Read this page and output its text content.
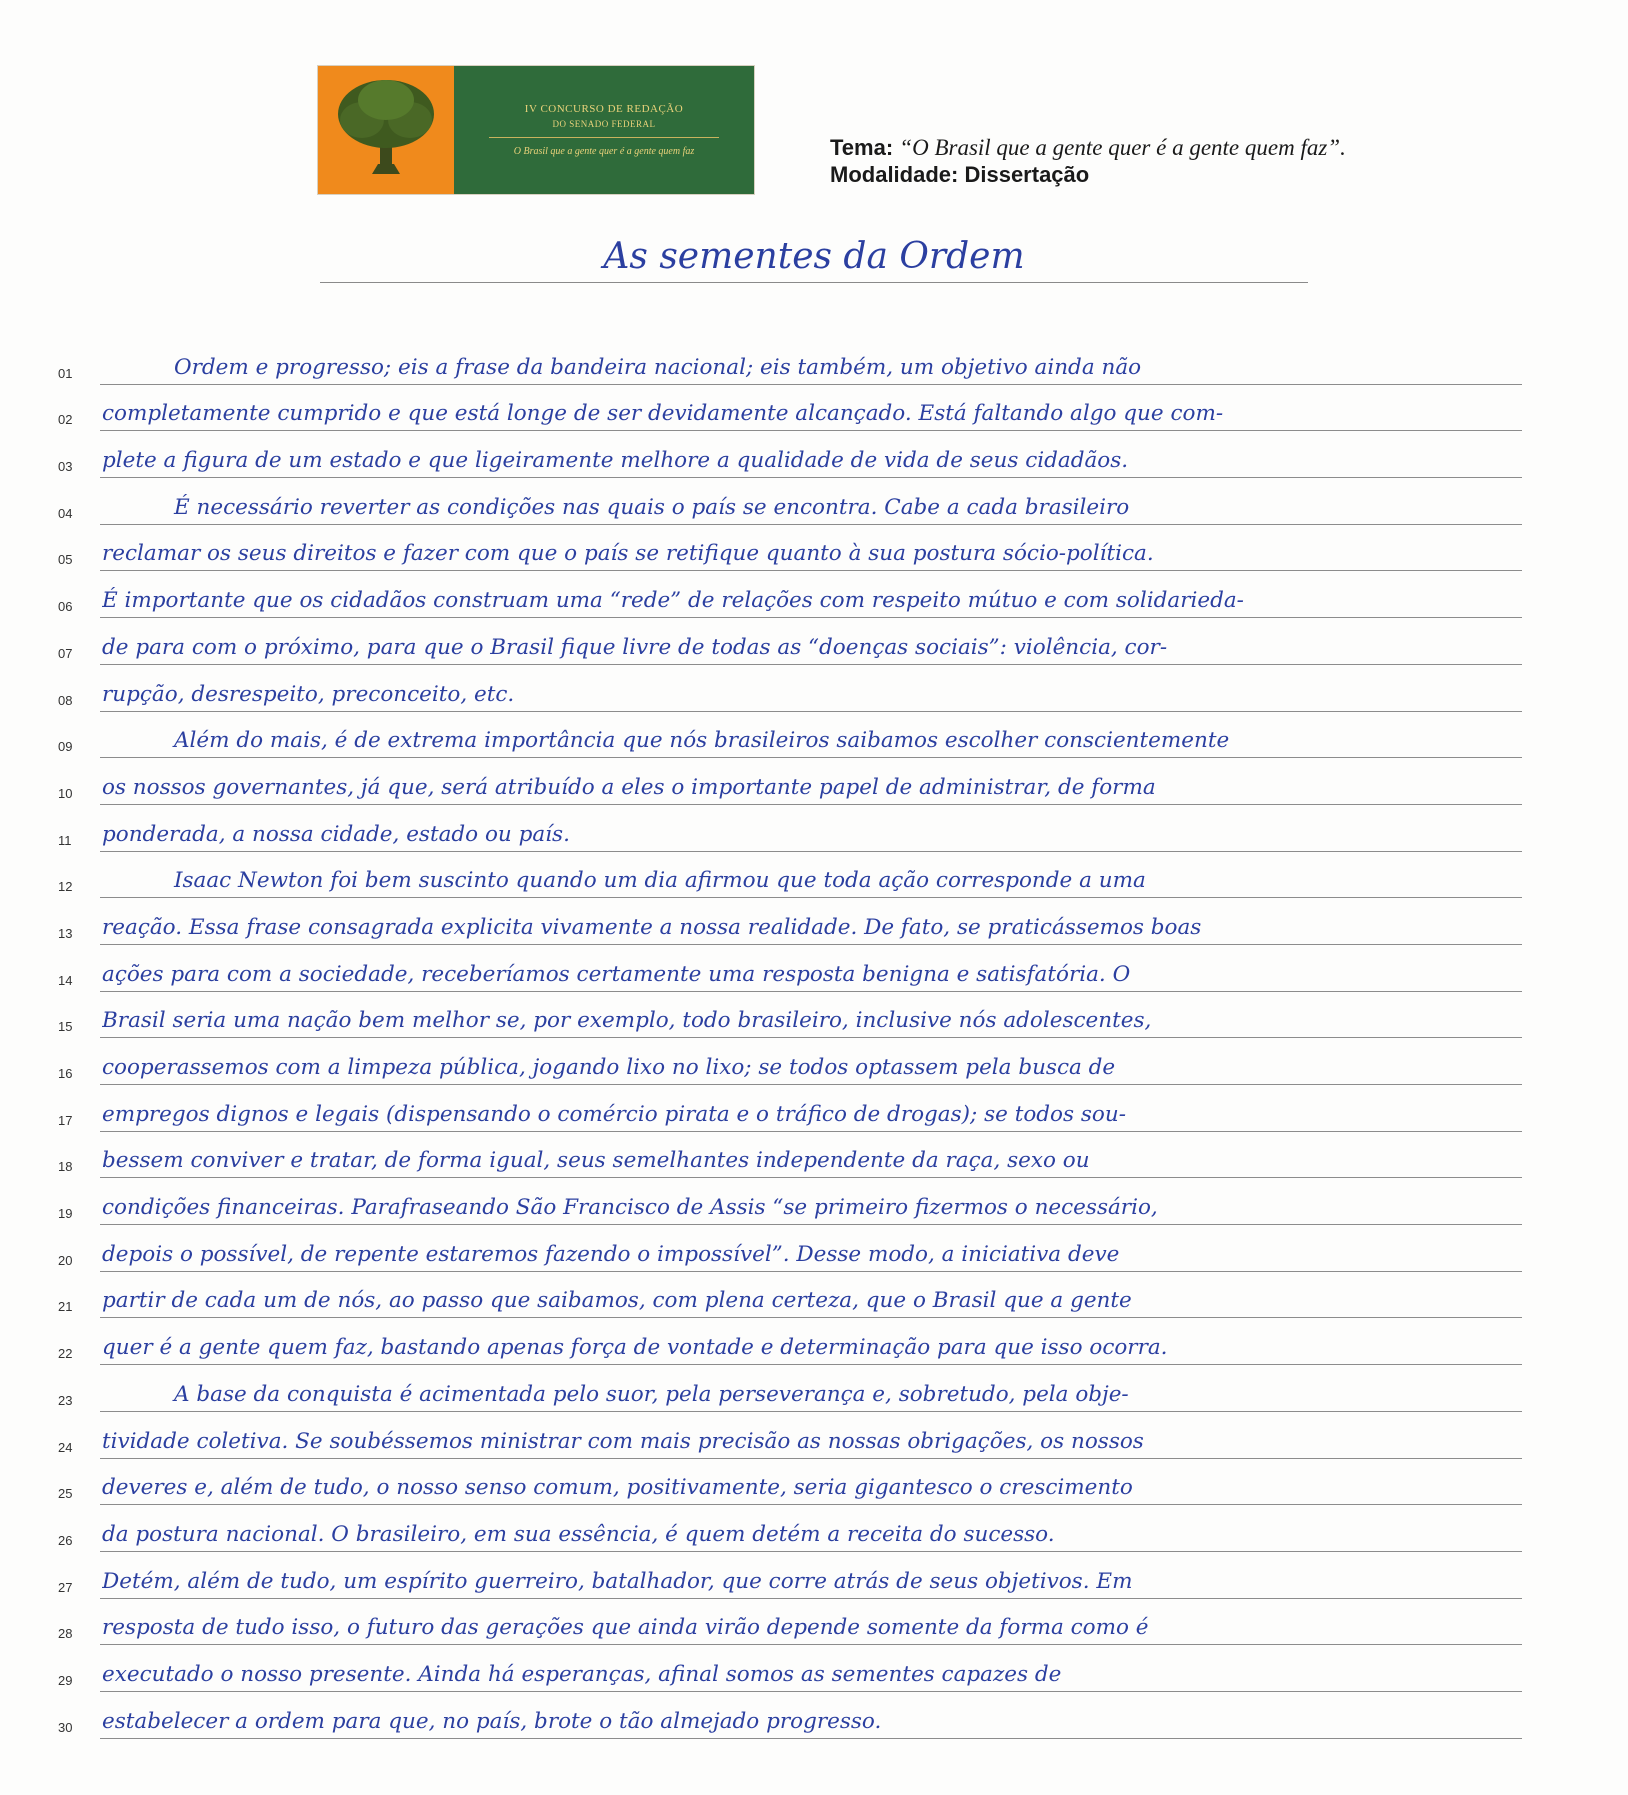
IV CONCURSO DE REDAÇÃO
DO SENADO FEDERAL
O Brasil que a gente quer é a gente quem faz	Tema: “O Brasil que a gente quer é a gente quem faz”.
Modalidade: Dissertação
As sementes da Ordem
01	Ordem e progresso; eis a frase da bandeira nacional; eis também, um objetivo ainda não
02	completamente cumprido e que está longe de ser devidamente alcançado. Está faltando algo que com-
03	plete a figura de um estado e que ligeiramente melhore a qualidade de vida de seus cidadãos.
04	É necessário reverter as condições nas quais o país se encontra. Cabe a cada brasileiro
05	reclamar os seus direitos e fazer com que o país se retifique quanto à sua postura sócio-política.
06	É importante que os cidadãos construam uma “rede” de relações com respeito mútuo e com solidarieda-
07	de para com o próximo, para que o Brasil fique livre de todas as “doenças sociais”: violência, cor-
08	rupção, desrespeito, preconceito, etc.
09	Além do mais, é de extrema importância que nós brasileiros saibamos escolher conscientemente
10	os nossos governantes, já que, será atribuído a eles o importante papel de administrar, de forma
11	ponderada, a nossa cidade, estado ou país.
12	Isaac Newton foi bem suscinto quando um dia afirmou que toda ação corresponde a uma
13	reação. Essa frase consagrada explicita vivamente a nossa realidade. De fato, se praticássemos boas
14	ações para com a sociedade, receberíamos certamente uma resposta benigna e satisfatória. O
15	Brasil seria uma nação bem melhor se, por exemplo, todo brasileiro, inclusive nós adolescentes,
16	cooperassemos com a limpeza pública, jogando lixo no lixo; se todos optassem pela busca de
17	empregos dignos e legais (dispensando o comércio pirata e o tráfico de drogas); se todos sou-
18	bessem conviver e tratar, de forma igual, seus semelhantes independente da raça, sexo ou
19	condições financeiras. Parafraseando São Francisco de Assis “se primeiro fizermos o necessário,
20	depois o possível, de repente estaremos fazendo o impossível”. Desse modo, a iniciativa deve
21	partir de cada um de nós, ao passo que saibamos, com plena certeza, que o Brasil que a gente
22	quer é a gente quem faz, bastando apenas força de vontade e determinação para que isso ocorra.
23	A base da conquista é acimentada pelo suor, pela perseverança e, sobretudo, pela obje-
24	tividade coletiva. Se soubéssemos ministrar com mais precisão as nossas obrigações, os nossos
25	deveres e, além de tudo, o nosso senso comum, positivamente, seria gigantesco o crescimento
26	da postura nacional. O brasileiro, em sua essência, é quem detém a receita do sucesso.
27	Detém, além de tudo, um espírito guerreiro, batalhador, que corre atrás de seus objetivos. Em
28	resposta de tudo isso, o futuro das gerações que ainda virão depende somente da forma como é
29	executado o nosso presente. Ainda há esperanças, afinal somos as sementes capazes de
30	estabelecer a ordem para que, no país, brote o tão almejado progresso.
